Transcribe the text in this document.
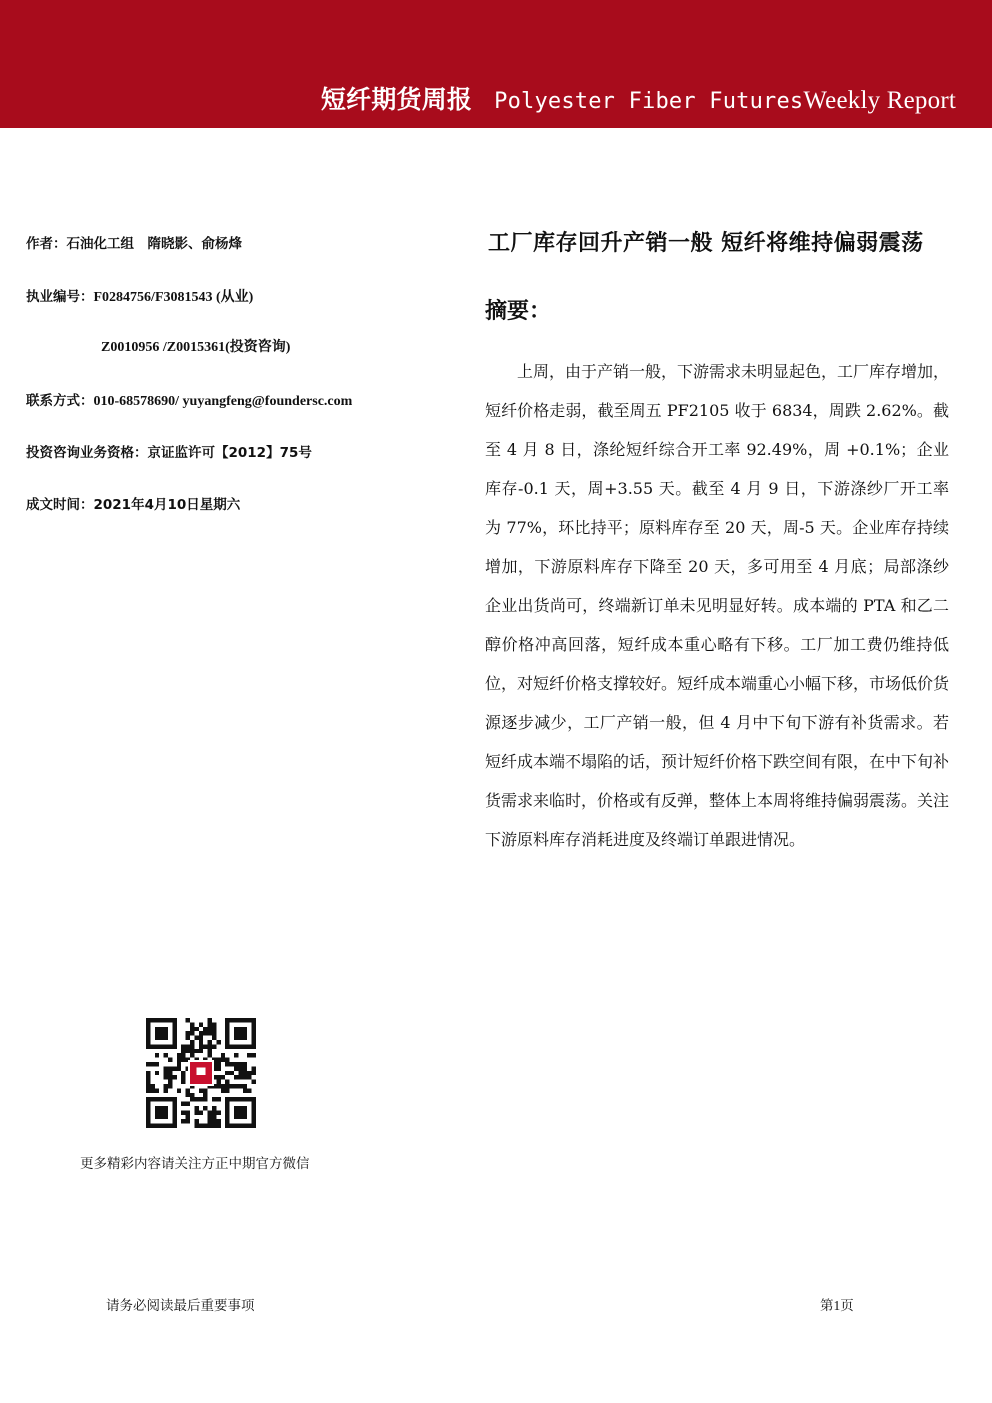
短纤期货周报 Polyester Fiber FuturesWeekly Report
作者：石油化工组　隋晓影、俞杨烽
执业编号：F0284756/F3081543 (从业)
Z0010956 /Z0015361(投资咨询)
联系方式：010-68578690/ yuyangfeng@foundersc.com
投资咨询业务资格：京证监许可【2012】75号
成文时间：2021年4月10日星期六
工厂库存回升产销一般 短纤将维持偏弱震荡
摘要：
上周，由于产销一般，下游需求未明显起色，工厂库存增加，短纤价格走弱，截至周五 PF2105 收于 6834，周跌 2.62%。截至 4 月 8 日，涤纶短纤综合开工率 92.49%，周 +0.1%；企业库存-0.1 天，周+3.55 天。截至 4 月 9 日，下游涤纱厂开工率为 77%，环比持平；原料库存至 20 天，周-5 天。企业库存持续增加，下游原料库存下降至 20 天，多可用至 4 月底；局部涤纱企业出货尚可，终端新订单未见明显好转。成本端的 PTA 和乙二醇价格冲高回落，短纤成本重心略有下移。工厂加工费仍维持低位，对短纤价格支撑较好。短纤成本端重心小幅下移，市场低价货源逐步减少，工厂产销一般，但 4 月中下旬下游有补货需求。若短纤成本端不塌陷的话，预计短纤价格下跌空间有限，在中下旬补货需求来临时，价格或有反弹，整体上本周将维持偏弱震荡。关注下游原料库存消耗进度及终端订单跟进情况。
更多精彩内容请关注方正中期官方微信
请务必阅读最后重要事项	第1页
